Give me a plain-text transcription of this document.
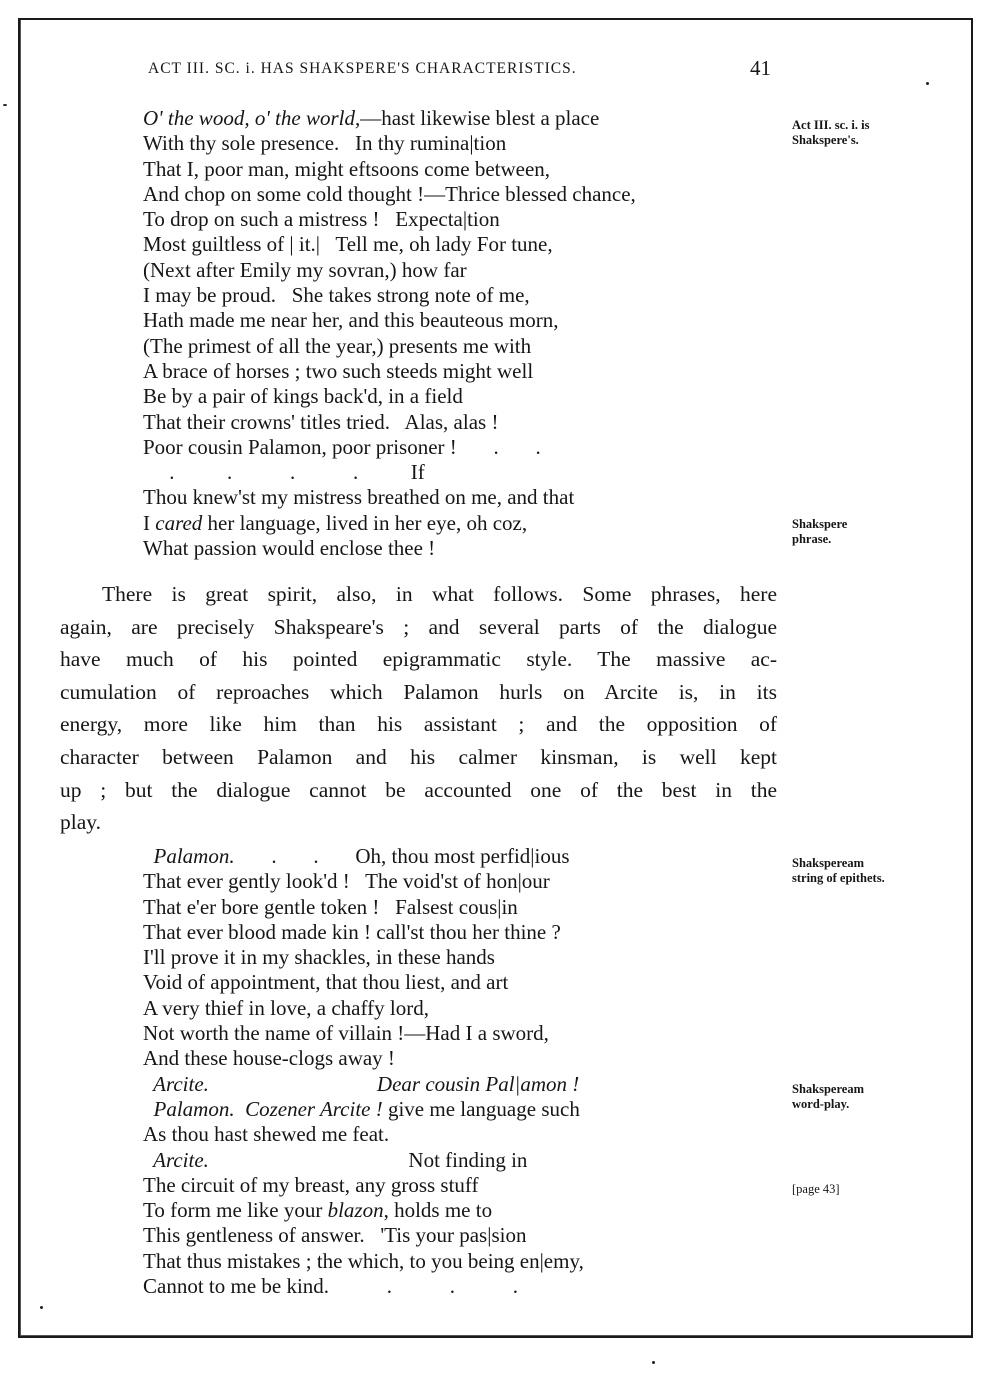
ACT III. SC. i. HAS SHAKSPERE'S CHARACTERISTICS.	41
O' the wood, o' the world,—hast likewise blest a place
With thy sole presence.   In thy rumina|tion
That I, poor man, might eftsoons come between,
And chop on some cold thought !—Thrice blessed chance,
To drop on such a mistress !   Expecta|tion
Most guiltless of | it.|   Tell me, oh lady For tune,
(Next after Emily my sovran,) how far
I may be proud.   She takes strong note of me,
Hath made me near her, and this beauteous morn,
(The primest of all the year,) presents me with
A brace of horses ; two such steeds might well
Be by a pair of kings back'd, in a field
That their crowns' titles tried.   Alas, alas !
Poor cousin Palamon, poor prisoner !       .       .
.          .           .           .          If
Thou knew'st my mistress breathed on me, and that
I cared her language, lived in her eye, oh coz,
What passion would enclose thee !
There is great spirit, also, in what follows. Some phrases, here
again, are precisely Shakspeare's ; and several parts of the dialogue
have much of his pointed epigrammatic style. The massive ac-
cumulation of reproaches which Palamon hurls on Arcite is, in its
energy, more like him than his assistant ; and the opposition of
character between Palamon and his calmer kinsman, is well kept
up ; but the dialogue cannot be accounted one of the best in the
play.
Palamon.       .       .       Oh, thou most perfid|ious
That ever gently look'd !   The void'st of hon|our
That e'er bore gentle token !   Falsest cous|in
That ever blood made kin ! call'st thou her thine ?
I'll prove it in my shackles, in these hands
Void of appointment, that thou liest, and art
A very thief in love, a chaffy lord,
Not worth the name of villain !—Had I a sword,
And these house-clogs away !
Arcite.	Dear cousin Pal|amon !
Palamon.  Cozener Arcite ! give me language such
As thou hast shewed me feat.
Arcite.                                      Not finding in
The circuit of my breast, any gross stuff
To form me like your blazon, holds me to
This gentleness of answer.   'Tis your pas|sion
That thus mistakes ; the which, to you being en|emy,
Cannot to me be kind.           .           .           .
Act III. sc. i. is
Shakspere's.
Shakspere
phrase.
Shakspeream
string of epithets.
Shakspeream
word-play.
[page 43]
